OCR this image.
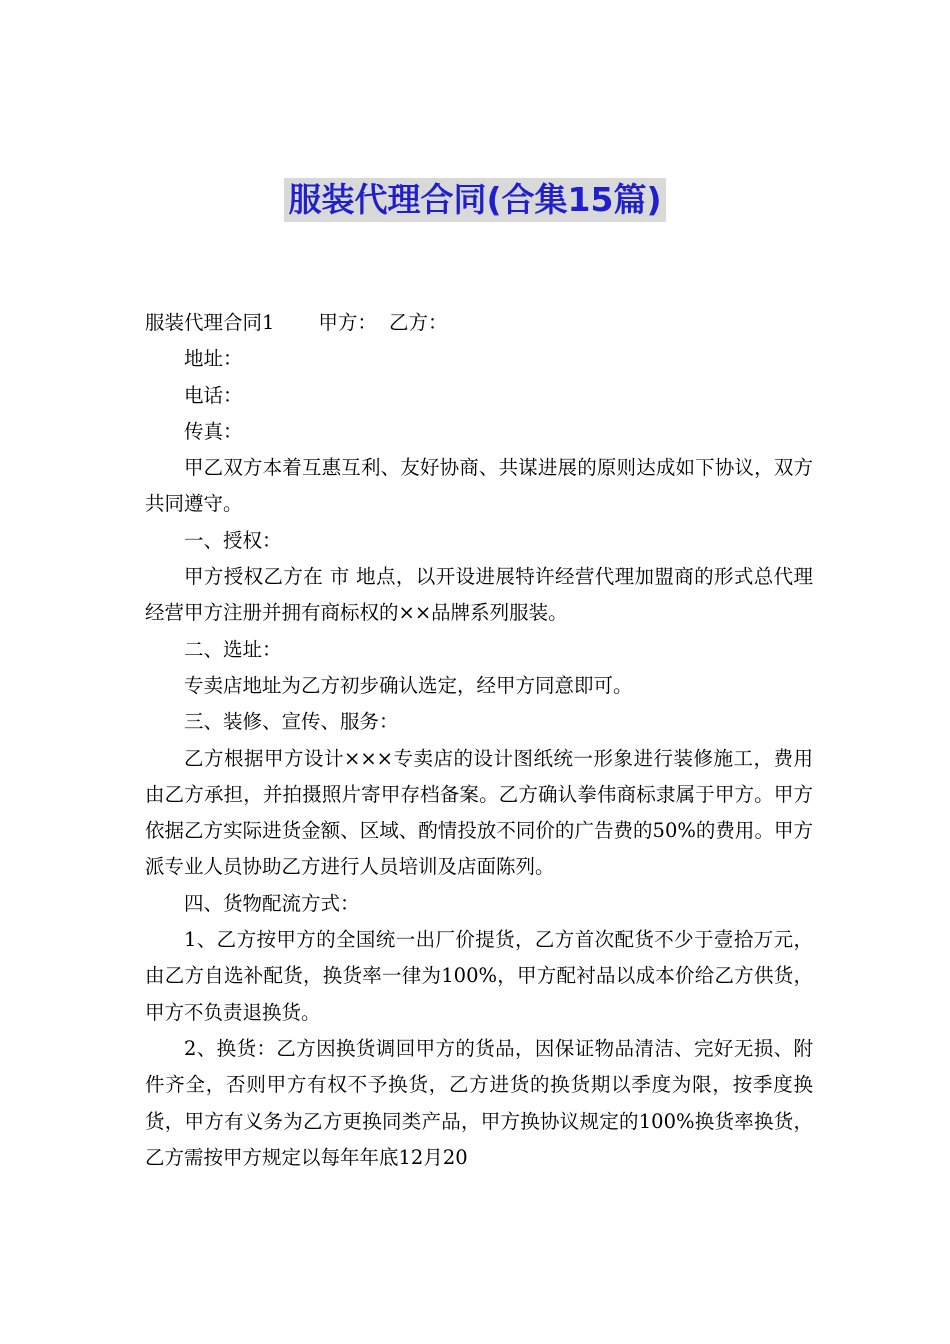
服装代理合同(合集15篇)

服装代理合同1 甲方： 乙方：

地址：

电话：

传真：

甲乙双方本着互惠互利、友好协商、共谋进展的原则达成如下协议，双方共同遵守。

一、授权：

甲方授权乙方在 市 地点，以开设进展特许经营代理加盟商的形式总代理经营甲方注册并拥有商标权的××品牌系列服装。

二、选址：

专卖店地址为乙方初步确认选定，经甲方同意即可。

三、装修、宣传、服务：

乙方根据甲方设计×××专卖店的设计图纸统一形象进行装修施工，费用由乙方承担，并拍摄照片寄甲存档备案。乙方确认拳伟商标隶属于甲方。甲方依据乙方实际进货金额、区域、酌情投放不同价的广告费的50%的费用。甲方派专业人员协助乙方进行人员培训及店面陈列。

四、货物配流方式：

1、乙方按甲方的全国统一出厂价提货，乙方首次配货不少于壹拾万元，由乙方自选补配货，换货率一律为100%，甲方配衬品以成本价给乙方供货，甲方不负责退换货。

2、换货：乙方因换货调回甲方的货品，因保证物品清洁、完好无损、附件齐全，否则甲方有权不予换货，乙方进货的换货期以季度为限，按季度换货，甲方有义务为乙方更换同类产品，甲方换协议规定的100%换货率换货，乙方需按甲方规定以每年年底12月20
